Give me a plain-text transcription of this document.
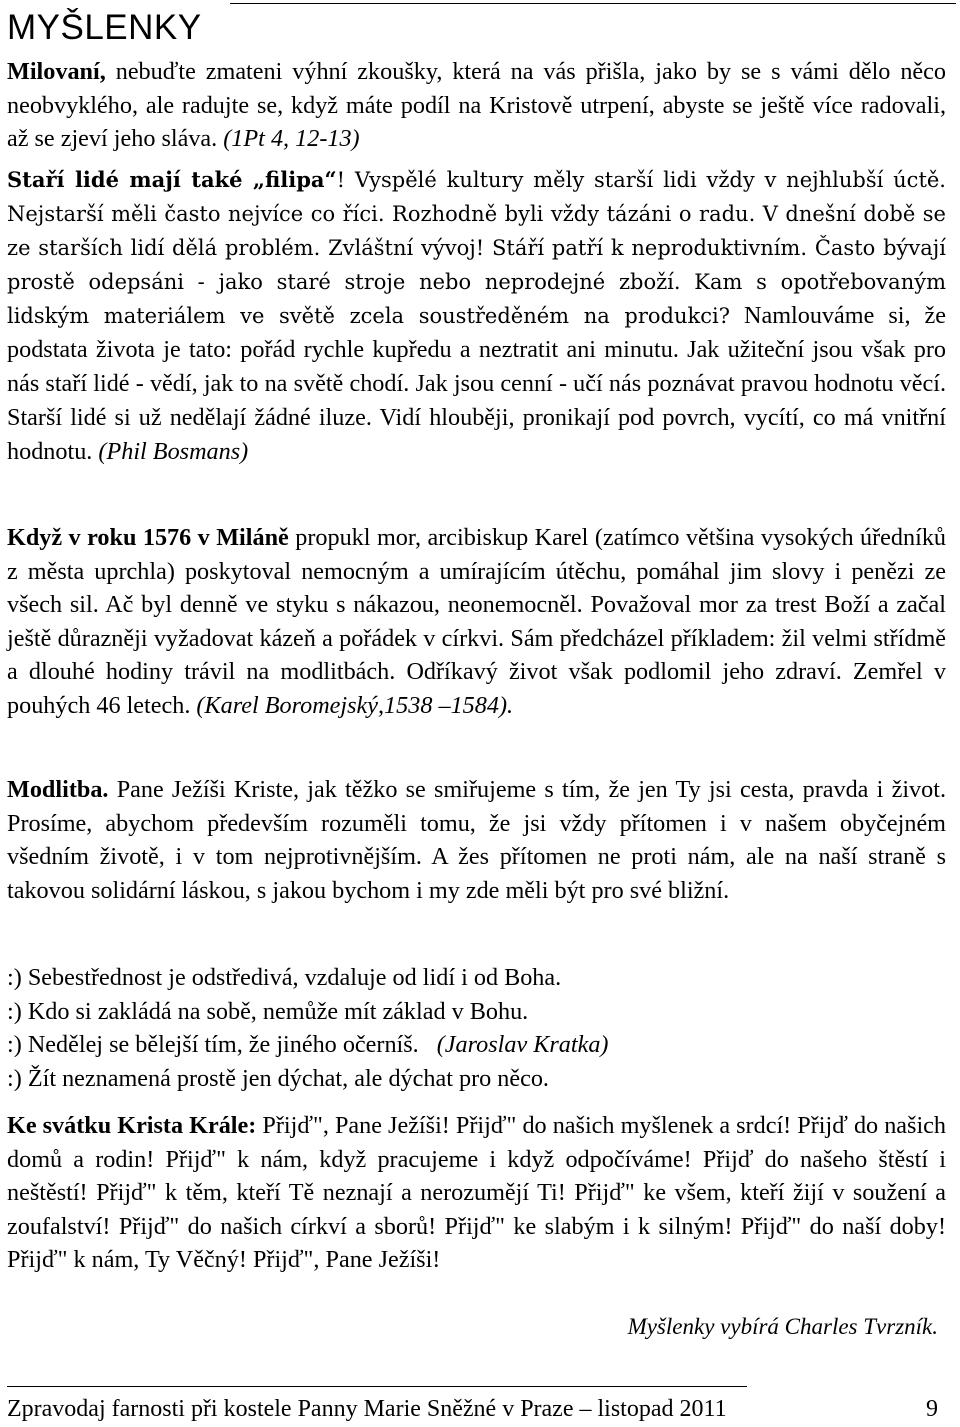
MYŠLENKY

Milovaní, nebuďte zmateni výhní zkoušky, která na vás přišla, jako by se s vámi dělo něco neobvyklého, ale radujte se, když máte podíl na Kristově utrpení, abyste se ještě více radovali, až se zjeví jeho sláva. (1Pt 4, 12-13)

Staří lidé mají také „filipa“! Vyspělé kultury měly starší lidi vždy v nejhlubší úctě. Nejstarší měli často nejvíce co říci. Rozhodně byli vždy tázáni o radu. V dnešní době se ze starších lidí dělá problém. Zvláštní vývoj! Stáří patří k neproduktivním. Často bývají prostě odepsáni - jako staré stroje nebo neprodejné zboží. Kam s opotřebovaným lidským materiálem ve světě zcela soustředěném na produkci? Namlouváme si, že podstata života je tato: pořád rychle kupředu a neztratit ani minutu. Jak užiteční jsou však pro nás staří lidé - vědí, jak to na světě chodí. Jak jsou cenní - učí nás poznávat pravou hodnotu věcí. Starší lidé si už nedělají žádné iluze. Vidí hlouběji, pronikají pod povrch, vycítí, co má vnitřní hodnotu. (Phil Bosmans)

Když v roku 1576 v Miláně propukl mor, arcibiskup Karel (zatímco většina vysokých úředníků z města uprchla) poskytoval nemocným a umírajícím útěchu, pomáhal jim slovy i penězi ze všech sil. Ač byl denně ve styku s nákazou, neonemocněl. Považoval mor za trest Boží a začal ještě důrazněji vyžadovat kázeň a pořádek v církvi. Sám předcházel příkladem: žil velmi střídmě a dlouhé hodiny trávil na modlitbách. Odříkavý život však podlomil jeho zdraví. Zemřel v pouhých 46 letech. (Karel Boromejský,1538 –1584).

Modlitba. Pane Ježíši Kriste, jak těžko se smiřujeme s tím, že jen Ty jsi cesta, pravda i život. Prosíme, abychom především rozuměli tomu, že jsi vždy přítomen i v našem obyčejném všedním životě, i v tom nejprotivnějším. A žes přítomen ne proti nám, ale na naší straně s takovou solidární láskou, s jakou bychom i my zde měli být pro své bližní.

:) Sebestřednost je odstředivá, vzdaluje od lidí i od Boha.
:) Kdo si zakládá na sobě, nemůže mít základ v Bohu.
:) Nedělej se bělejší tím, že jiného očerníš. (Jaroslav Kratka)
:) Žít neznamená prostě jen dýchat, ale dýchat pro něco.

Ke svátku Krista Krále: Přijď", Pane Ježíši! Přijď" do našich myšlenek a srdcí! Přijď do našich domů a rodin! Přijď" k nám, když pracujeme i když odpočíváme! Přijď do našeho štěstí i neštěstí! Přijď" k těm, kteří Tě neznají a nerozumějí Ti! Přijď" ke všem, kteří žijí v soužení a zoufalství! Přijď" do našich církví a sborů! Přijď" ke slabým i k silným! Přijď" do naší doby! Přijď" k nám, Ty Věčný! Přijď", Pane Ježíši!

Myšlenky vybírá Charles Tvrzník.
Zpravodaj farnosti při kostele Panny Marie Sněžné v Praze – listopad 2011	9
